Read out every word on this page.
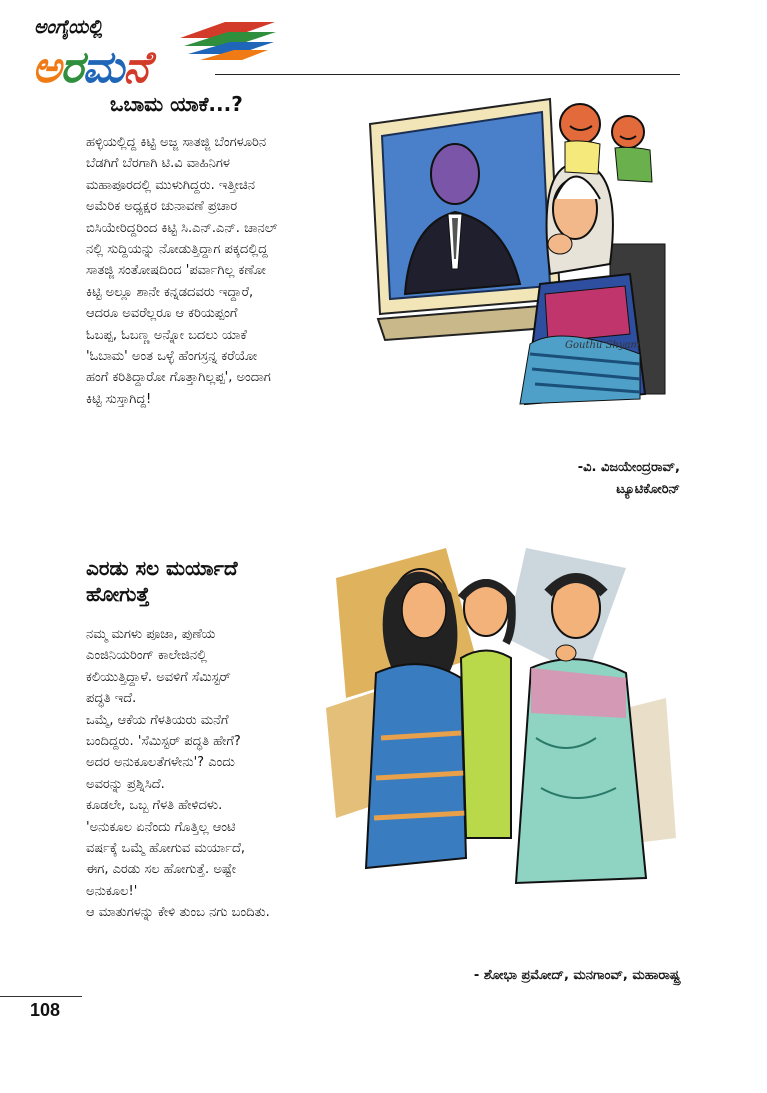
ಅಂಗೈಯಲ್ಲಿ
ಅರಮನೆ
ಒಬಾಮ ಯಾಕೆ...?
ಹಳ್ಳಿಯಲ್ಲಿದ್ದ ಕಿಟ್ಟಿ ಅಜ್ಜ ಸಾತಜ್ಜಿ ಬೆಂಗಳೂರಿನ
ಬೆಡಗಿಗೆ ಬೆರಗಾಗಿ ಟಿ.ವಿ ವಾಹಿನಿಗಳ
ಮಹಾಪೂರದಲ್ಲಿ ಮುಳುಗಿದ್ದರು. ಇತ್ತೀಚಿನ
ಅಮೆರಿಕ ಅಧ್ಯಕ್ಷರ ಚುನಾವಣೆ ಪ್ರಚಾರ
ಬಿಸಿಯೇರಿದ್ದರಿಂದ ಕಿಟ್ಟಿ ಸಿ.ಎನ್.ಎನ್. ಚಾನಲ್
ನಲ್ಲಿ ಸುದ್ದಿಯನ್ನು ನೋಡುತ್ತಿದ್ದಾಗ ಪಕ್ಕದಲ್ಲಿದ್ದ
ಸಾತಜ್ಜಿ ಸಂತೋಷದಿಂದ 'ಪರ್ವಾಗಿಲ್ಲ ಕಣೋ
ಕಿಟ್ಟಿ ಅಲ್ಲೂ ಶಾನೇ ಕನ್ನಡದವರು ಇದ್ದಾರೆ,
ಆದರೂ ಅವರೆಲ್ಲರೂ ಆ ಕರಿಯಪ್ಪಂಗೆ
ಓಬಪ್ಪ, ಓಬಣ್ಣ ಅನ್ನೋ ಬದಲು ಯಾಕೆ
'ಓಬಾಮ' ಅಂತ ಒಳ್ಳೆ ಹೆಂಗಸ್ರನ್ನ ಕರೆಯೋ
ಹಂಗೆ ಕರಿತಿದ್ದಾರೋ ಗೊತ್ತಾಗಿಲ್ಲಪ್ಪ', ಅಂದಾಗ
ಕಿಟ್ಟಿ ಸುಸ್ತಾಗಿದ್ದ!
Gouthu Shyam
-ವಿ. ವಿಜಯೇಂದ್ರರಾವ್,
ಟ್ಯೂಟಿಕೋರಿನ್
ಎರಡು ಸಲ ಮರ್ಯಾದೆ
ಹೋಗುತ್ತೆ
ನಮ್ಮ ಮಗಳು ಪೂಜಾ, ಪುಣೆಯ
ಎಂಜಿನಿಯರಿಂಗ್ ಕಾಲೇಜಿನಲ್ಲಿ
ಕಲಿಯುತ್ತಿದ್ದಾಳೆ. ಅವಳಿಗೆ ಸೆಮಿಸ್ಟರ್
ಪದ್ಧತಿ ಇದೆ.
ಒಮ್ಮೆ, ಆಕೆಯ ಗೆಳತಿಯರು ಮನೆಗೆ
ಬಂದಿದ್ದರು. 'ಸೆಮಿಸ್ಟರ್ ಪದ್ಧತಿ ಹೇಗೆ?
ಅದರ ಅನುಕೂಲತೆಗಳೇನು'? ಎಂದು
ಅವರನ್ನು ಪ್ರಶ್ನಿಸಿದೆ.
ಕೂಡಲೇ, ಒಬ್ಬ ಗೆಳತಿ ಹೇಳಿದಳು.
'ಅನುಕೂಲ ಏನೆಂದು ಗೊತ್ತಿಲ್ಲ ಆಂಟಿ
ವರ್ಷಕ್ಕೆ ಒಮ್ಮೆ ಹೋಗುವ ಮರ್ಯಾದೆ,
ಈಗ, ಎರಡು ಸಲ ಹೋಗುತ್ತೆ. ಅಷ್ಟೇ
ಅನುಕೂಲ!'
ಆ ಮಾತುಗಳನ್ನು ಕೇಳಿ ತುಂಬ ನಗು ಬಂದಿತು.
- ಶೋಭಾ ಪ್ರಮೋದ್, ಮನಗಾಂವ್, ಮಹಾರಾಷ್ಟ್ರ
108
